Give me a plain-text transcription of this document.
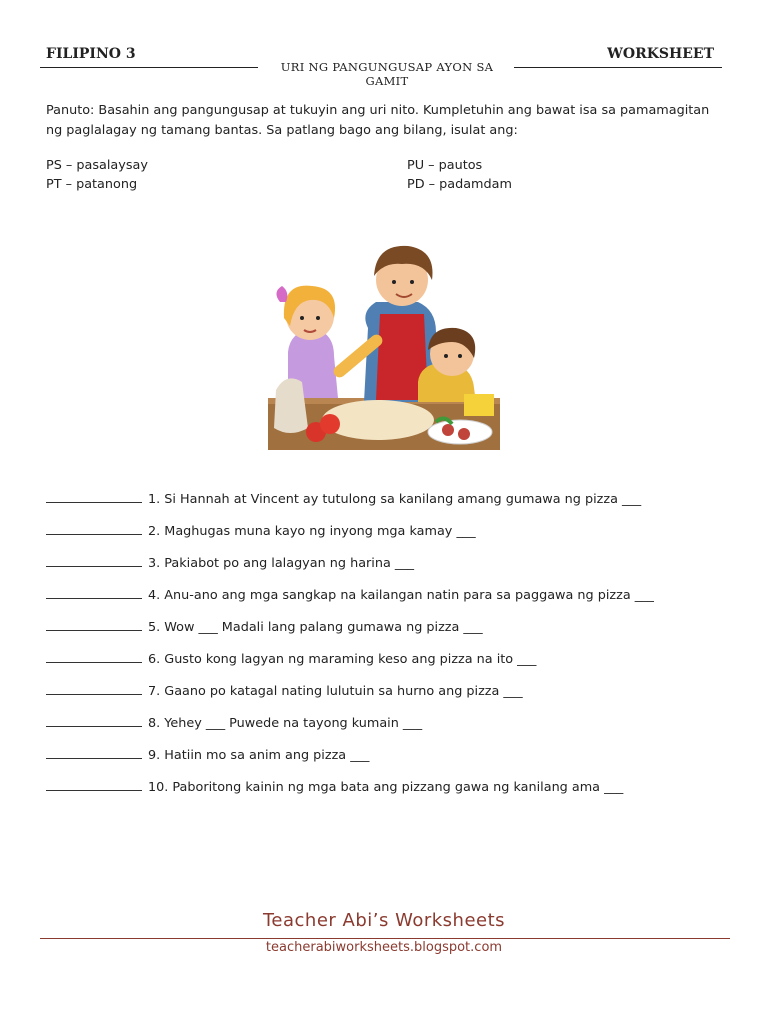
FILIPINO 3	WORKSHEET
URI NG PANGUNGUSAP AYON SA GAMIT
Panuto: Basahin ang pangungusap at tukuyin ang uri nito. Kumpletuhin ang bawat isa sa pamamagitan ng paglalagay ng tamang bantas. Sa patlang bago ang bilang, isulat ang:
PS – pasalaysay
PT – patanong
PU – pautos
PD – padamdam
1. Si Hannah at Vincent ay tutulong sa kanilang amang gumawa ng pizza ___
2. Maghugas muna kayo ng inyong mga kamay ___
3. Pakiabot po ang lalagyan ng harina ___
4. Anu-ano ang mga sangkap na kailangan natin para sa paggawa ng pizza ___
5. Wow ___ Madali lang palang gumawa ng pizza ___
6. Gusto kong lagyan ng maraming keso ang pizza na ito ___
7. Gaano po katagal nating lulutuin sa hurno ang pizza ___
8. Yehey ___ Puwede na tayong kumain ___
9. Hatiin mo sa anim ang pizza ___
10. Paboritong kainin ng mga bata ang pizzang gawa ng kanilang ama ___
Teacher Abi’s Worksheets
teacherabiworksheets.blogspot.com
